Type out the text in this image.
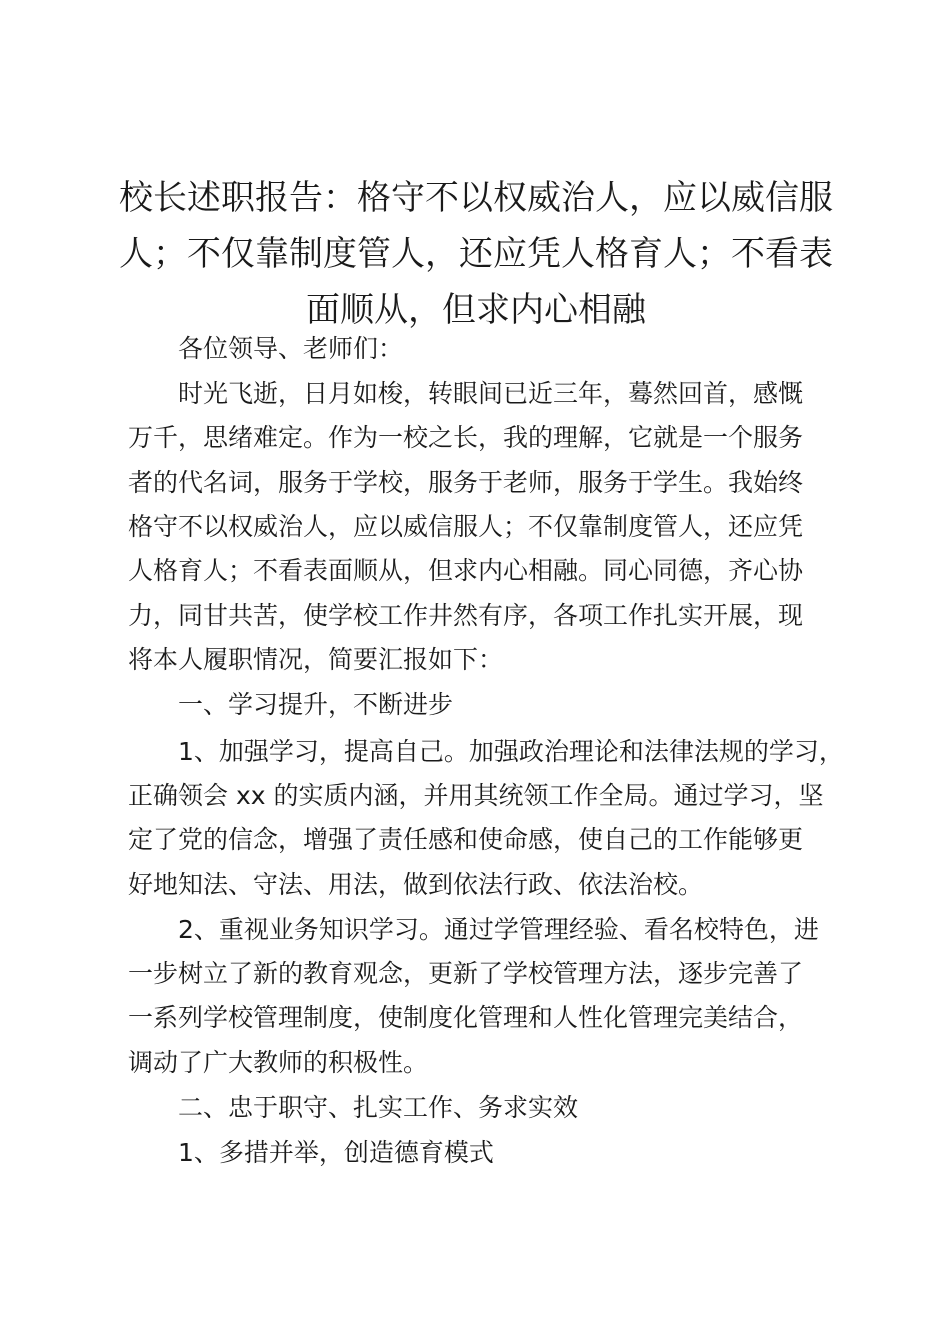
校长述职报告：格守不以权威治人，应以威信服人；不仅靠制度管人，还应凭人格育人；不看表面顺从，但求内心相融
各位领导、老师们：
时光飞逝，日月如梭，转眼间已近三年，蓦然回首，感慨
万千，思绪难定。作为一校之长，我的理解，它就是一个服务
者的代名词，服务于学校，服务于老师，服务于学生。我始终
格守不以权威治人，应以威信服人；不仅靠制度管人，还应凭
人格育人；不看表面顺从，但求内心相融。同心同德，齐心协
力，同甘共苦，使学校工作井然有序，各项工作扎实开展，现
将本人履职情况，简要汇报如下：
一、学习提升，不断进步
1、加强学习，提高自己。加强政治理论和法律法规的学习，
正确领会 xx 的实质内涵，并用其统领工作全局。通过学习，坚
定了党的信念，增强了责任感和使命感，使自己的工作能够更
好地知法、守法、用法，做到依法行政、依法治校。
2、重视业务知识学习。通过学管理经验、看名校特色，进
一步树立了新的教育观念，更新了学校管理方法，逐步完善了
一系列学校管理制度，使制度化管理和人性化管理完美结合，
调动了广大教师的积极性。
二、忠于职守、扎实工作、务求实效
1、多措并举，创造德育模式
